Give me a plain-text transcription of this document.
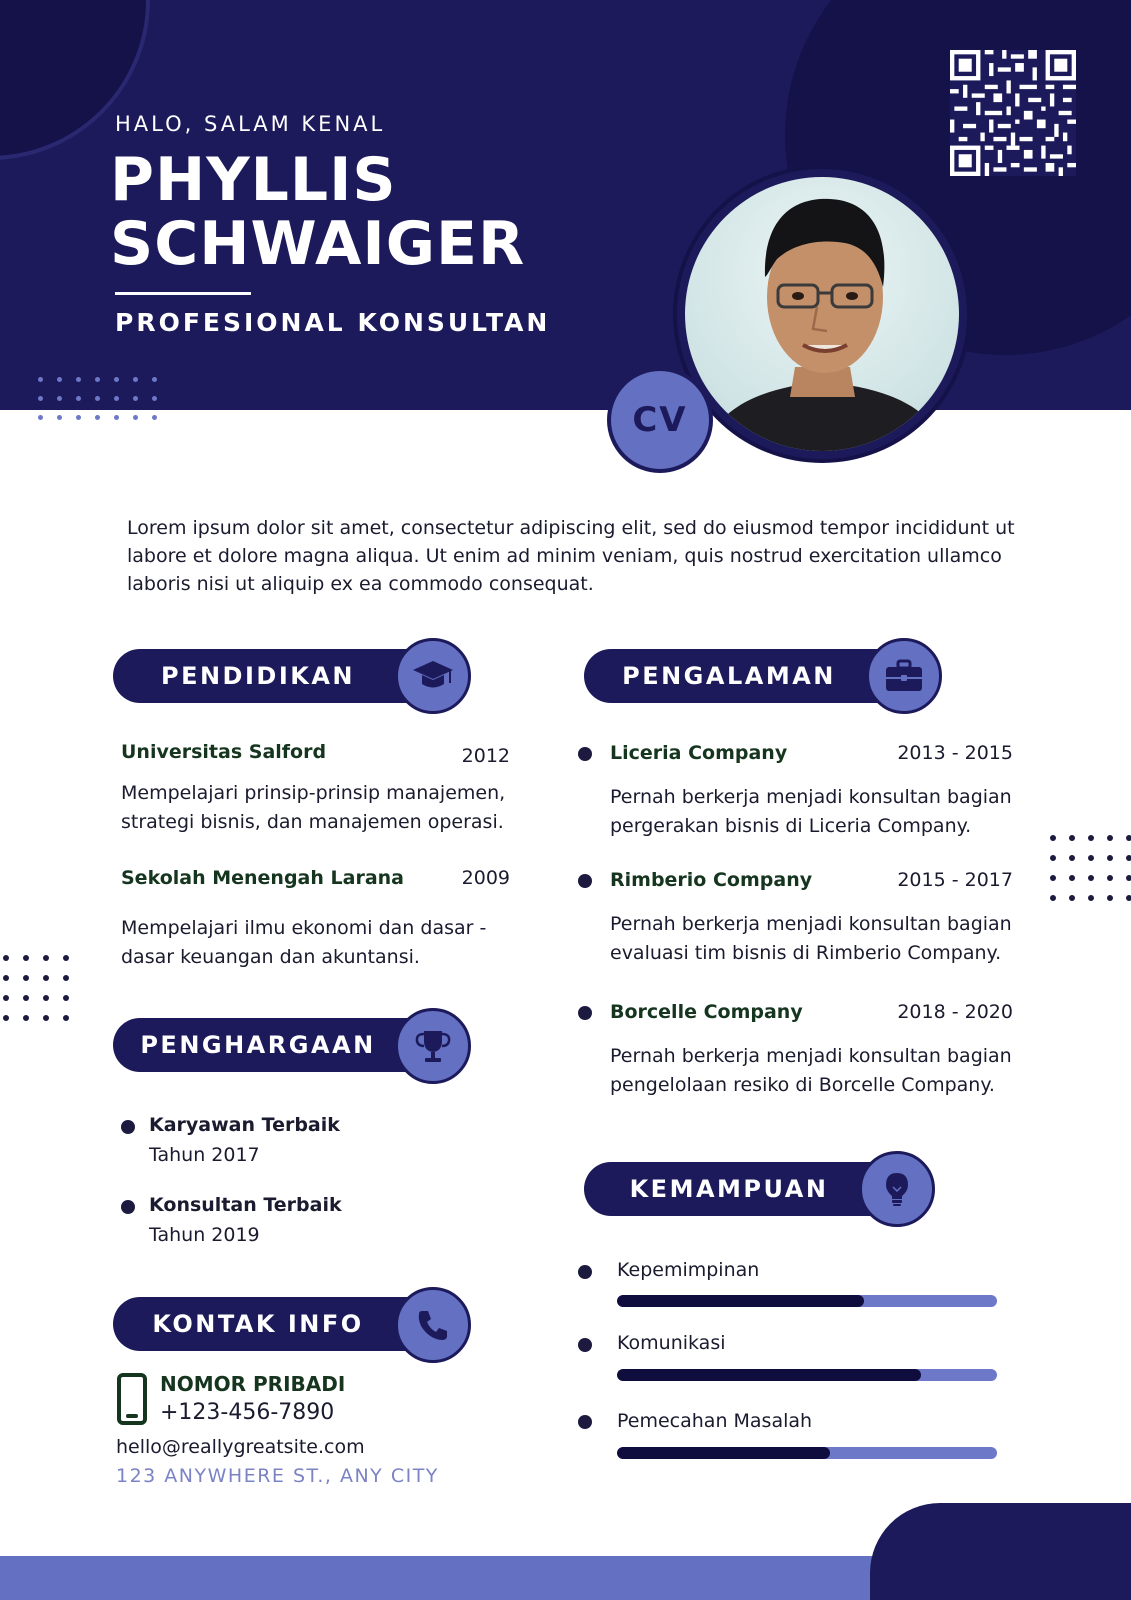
HALO, SALAM KENAL
PHYLLIS
SCHWAIGER
PROFESIONAL KONSULTAN
CV
Lorem ipsum dolor sit amet, consectetur adipiscing elit, sed do eiusmod tempor incididunt ut labore et dolore magna aliqua. Ut enim ad minim veniam, quis nostrud exercitation ullamco laboris nisi ut aliquip ex ea commodo consequat.
PENDIDIKAN
Universitas Salford	2012
Mempelajari prinsip-prinsip manajemen,
strategi bisnis, dan manajemen operasi.
Sekolah Menengah Larana	2009
Mempelajari ilmu ekonomi dan dasar -
dasar keuangan dan akuntansi.
PENGHARGAAN
Karyawan Terbaik
Tahun 2017
Konsultan Terbaik
Tahun 2019
KONTAK INFO
NOMOR PRIBADI
+123-456-7890
hello@reallygreatsite.com
123 ANYWHERE ST., ANY CITY
PENGALAMAN
Liceria Company	2013 - 2015
Pernah berkerja menjadi konsultan bagian
pergerakan bisnis di Liceria Company.
Rimberio Company	2015 - 2017
Pernah berkerja menjadi konsultan bagian
evaluasi tim bisnis di Rimberio Company.
Borcelle Company	2018 - 2020
Pernah berkerja menjadi konsultan bagian
pengelolaan resiko di Borcelle Company.
KEMAMPUAN
Kepemimpinan
Komunikasi
Pemecahan Masalah
